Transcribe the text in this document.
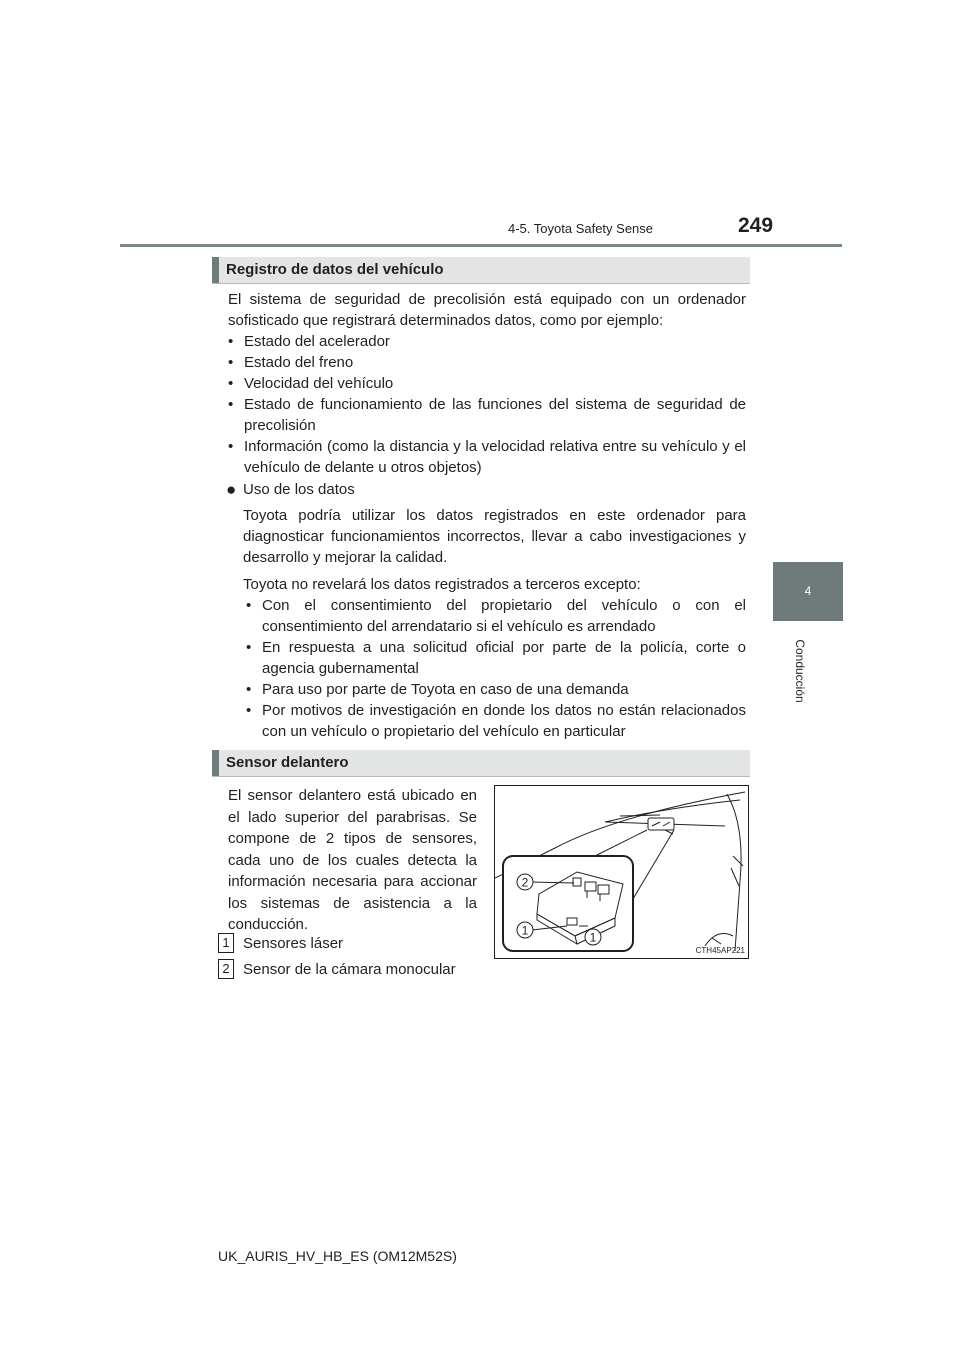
4-5. Toyota Safety Sense	249
4
Conducción
Registro de datos del vehículo
El sistema de seguridad de precolisión está equipado con un ordenador sofisticado que registrará determinados datos, como por ejemplo:
• Estado del acelerador
• Estado del freno
• Velocidad del vehículo
• Estado de funcionamiento de las funciones del sistema de seguridad de precolisión
• Información (como la distancia y la velocidad relativa entre su vehículo y el vehículo de delante u otros objetos)
● Uso de los datos
Toyota podría utilizar los datos registrados en este ordenador para diagnosticar funcionamientos incorrectos, llevar a cabo investigaciones y desarrollo y mejorar la calidad.
Toyota no revelará los datos registrados a terceros excepto:
• Con el consentimiento del propietario del vehículo o con el consentimiento del arrendatario si el vehículo es arrendado
• En respuesta a una solicitud oficial por parte de la policía, corte o agencia gubernamental
• Para uso por parte de Toyota en caso de una demanda
• Por motivos de investigación en donde los datos no están relacionados con un vehículo o propietario del vehículo en particular
Sensor delantero
El sensor delantero está ubicado en el lado superior del parabrisas. Se compone de 2 tipos de sensores, cada uno de los cuales detecta la información necesaria para accionar los sistemas de asistencia a la conducción.
1 Sensores láser
2 Sensor de la cámara monocular
2
1	1
CTH45AP221
UK_AURIS_HV_HB_ES (OM12M52S)
